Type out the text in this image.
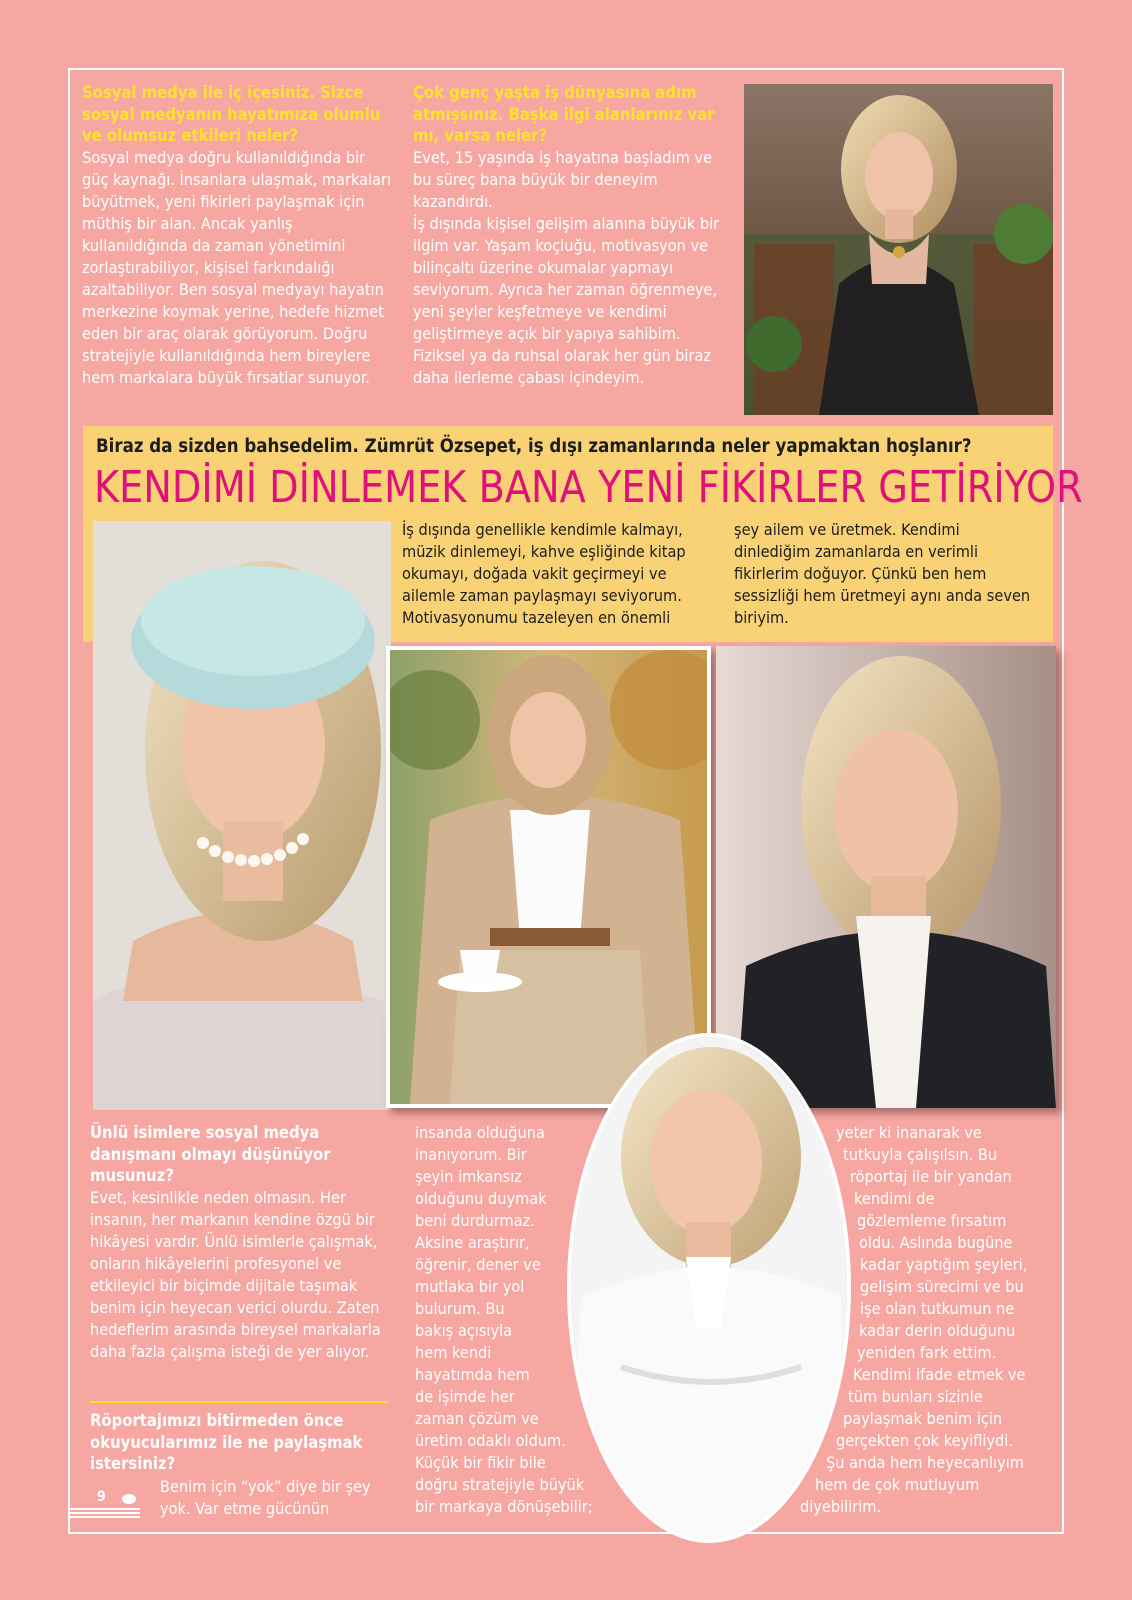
Sosyal medya ile iç içesiniz. Sizce sosyal medyanın hayatımıza olumlu ve olumsuz etkileri neler?

Sosyal medya doğru kullanıldığında bir güç kaynağı. İnsanlara ulaşmak, markaları büyütmek, yeni fikirleri paylaşmak için müthiş bir alan. Ancak yanlış kullanıldığında da zaman yönetimini zorlaştırabiliyor, kişisel farkındalığı azaltabiliyor. Ben sosyal medyayı hayatın merkezine koymak yerine, hedefe hizmet eden bir araç olarak görüyorum. Doğru stratejiyle kullanıldığında hem bireylere hem markalara büyük fırsatlar sunuyor.

Çok genç yaşta iş dünyasına adım atmışsınız. Başka ilgi alanlarınız var mı, varsa neler?

Evet, 15 yaşında iş hayatına başladım ve bu süreç bana büyük bir deneyim kazandırdı.

İş dışında kişisel gelişim alanına büyük bir ilgim var. Yaşam koçluğu, motivasyon ve bilinçaltı üzerine okumalar yapmayı seviyorum. Ayrıca her zaman öğrenmeye, yeni şeyler keşfetmeye ve kendimi geliştirmeye açık bir yapıya sahibim. Fiziksel ya da ruhsal olarak her gün biraz daha ilerleme çabası içindeyim.

Biraz da sizden bahsedelim. Zümrüt Özsepet, iş dışı zamanlarında neler yapmaktan hoşlanır?
KENDİMİ DİNLEMEK BANA YENİ FİKİRLER GETİRİYOR
İş dışında genellikle kendimle kalmayı, müzik dinlemeyi, kahve eşliğinde kitap okumayı, doğada vakit geçirmeyi ve ailemle zaman paylaşmayı seviyorum. Motivasyonumu tazeleyen en önemli
şey ailem ve üretmek. Kendimi dinlediğim zamanlarda en verimli fikirlerim doğuyor. Çünkü ben hem sessizliği hem üretmeyi aynı anda seven biriyim.
Ünlü isimlere sosyal medya danışmanı olmayı düşünüyor musunuz?

Evet, kesinlikle neden olmasın. Her insanın, her markanın kendine özgü bir hikâyesi vardır. Ünlü isimlerle çalışmak, onların hikâyelerini profesyonel ve etkileyici bir biçimde dijitale taşımak benim için heyecan verici olurdu. Zaten hedeflerim arasında bireysel markalarla daha fazla çalışma isteği de yer alıyor.

Röportajımızı bitirmeden önce okuyucularımız ile ne paylaşmak istersiniz?
Benim için “yok” diye bir şey
yok. Var etme gücünün
insanda olduğuna
inanıyorum. Bir
şeyin imkansız
olduğunu duymak
beni durdurmaz.
Aksine araştırır,
öğrenir, dener ve
mutlaka bir yol
bulurum. Bu
bakış açısıyla
hem kendi
hayatımda hem
de işimde her
zaman çözüm ve
üretim odaklı oldum.
Küçük bir fikir bile
doğru stratejiyle büyük
bir markaya dönüşebilir;
yeter ki inanarak ve
tutkuyla çalışılsın. Bu
röportaj ile bir yandan
kendimi de
gözlemleme fırsatım
oldu. Aslında bugüne
kadar yaptığım şeyleri,
gelişim sürecimi ve bu
işe olan tutkumun ne
kadar derin olduğunu
yeniden fark ettim.
Kendimi ifade etmek ve
tüm bunları sizinle
paylaşmak benim için
gerçekten çok keyifliydi.
Şu anda hem heyecanlıyım
hem de çok mutluyum
diyebilirim.
9
